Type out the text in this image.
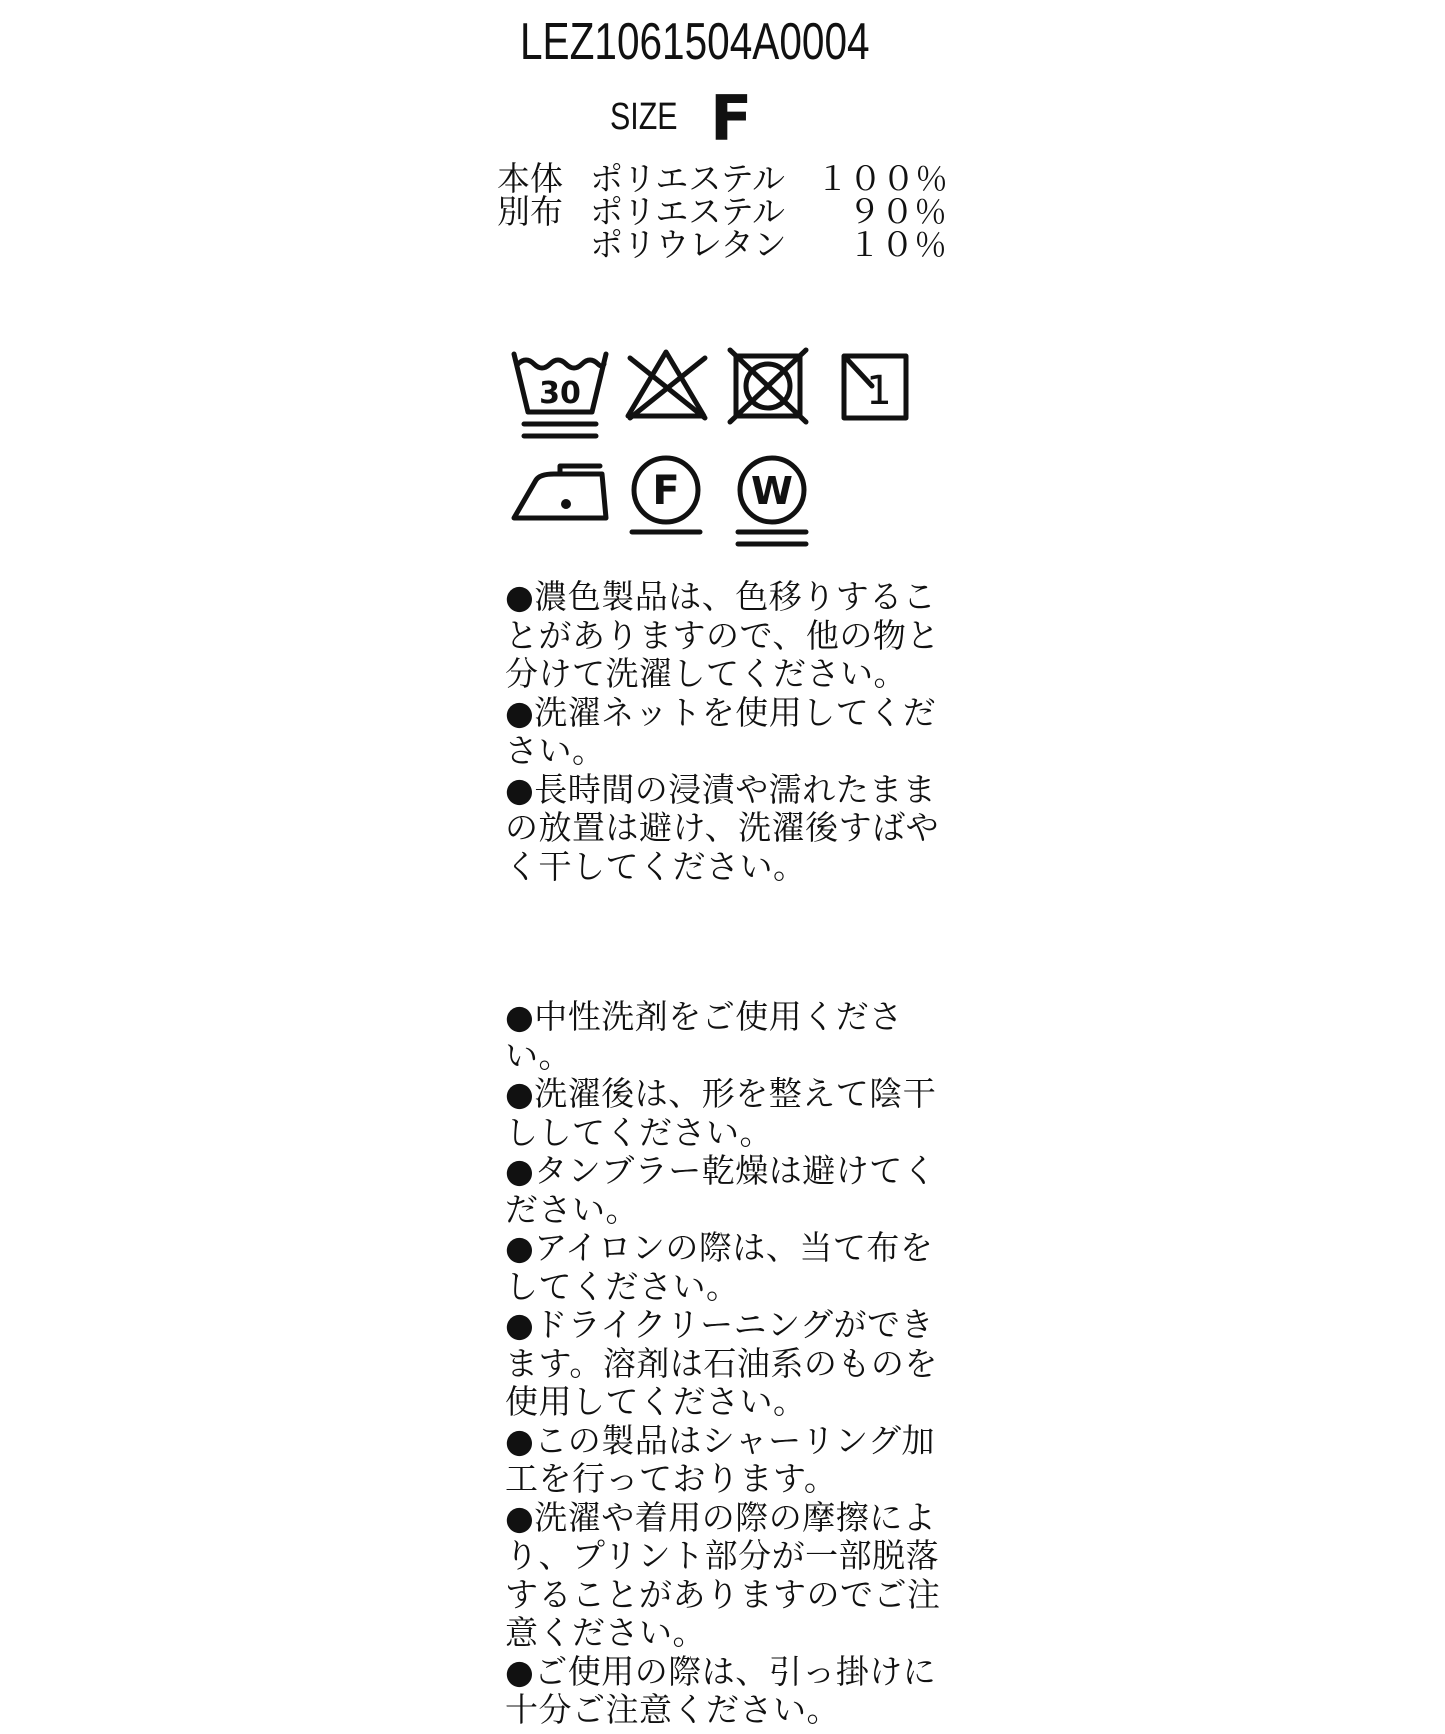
LEZ1061504A0004
SIZE F
本体 ポリエステル １００％
別布 ポリエステル ９０％
ポリウレタン １０％
30	1
F W

●濃色製品は、色移りすることがありますので、他の物と分けて洗濯してください。

●洗濯ネットを使用してください。

●長時間の浸漬や濡れたままの放置は避け、洗濯後すばやく干してください。

●中性洗剤をご使用ください。

●洗濯後は、形を整えて陰干ししてください。

●タンブラー乾燥は避けてください。

●アイロンの際は、当て布をしてください。

●ドライクリーニングができます。溶剤は石油系のものを使用してください。

●この製品はシャーリング加工を行っております。

●洗濯や着用の際の摩擦により、プリント部分が一部脱落することがありますのでご注意ください。

●ご使用の際は、引っ掛けに十分ご注意ください。
